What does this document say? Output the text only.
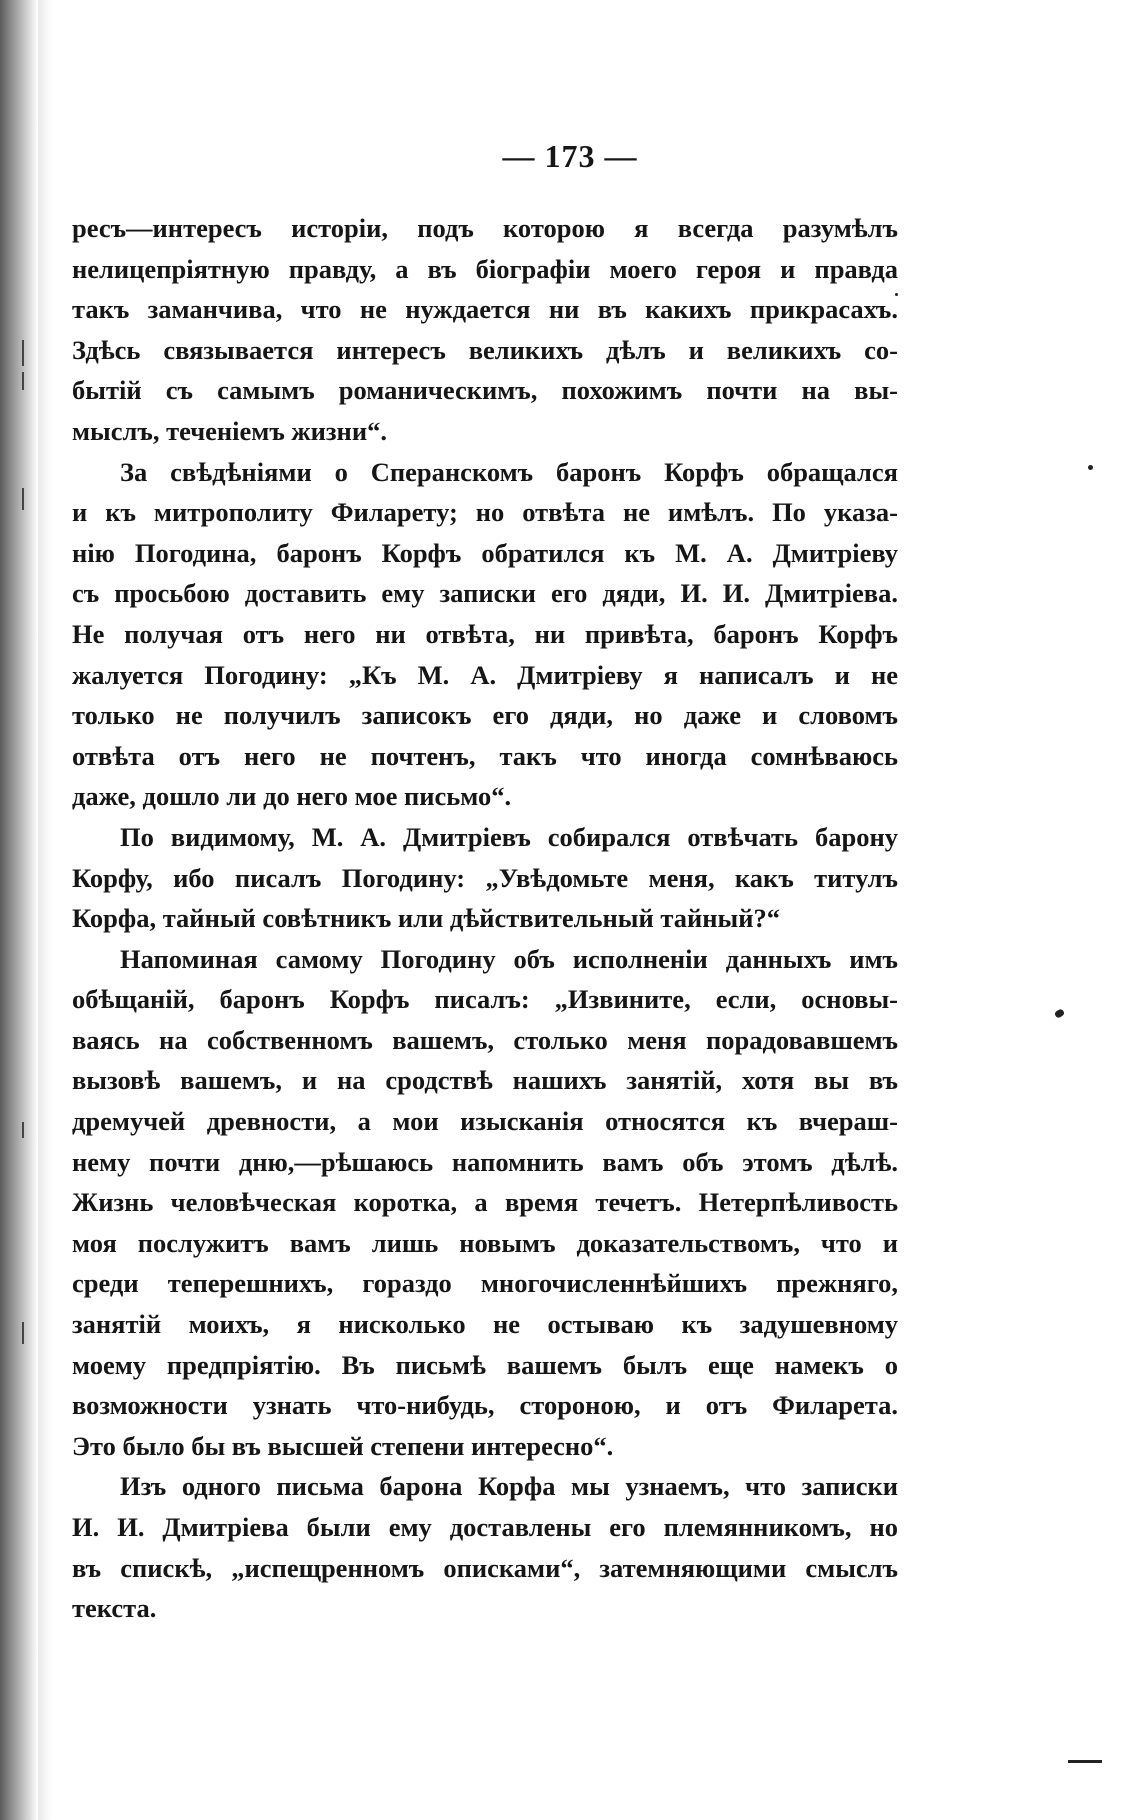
— 173 —
ресъ—интересъ исторіи, подъ которою я всегда разумѣлъ
нелицепріятную правду, а въ біографіи моего героя и правда
такъ заманчива, что не нуждается ни въ какихъ прикрасахъ.
Здѣсь связывается интересъ великихъ дѣлъ и великихъ со-
бытій съ самымъ романическимъ, похожимъ почти на вы-
мыслъ, теченіемъ жизни“.
За свѣдѣніями о Сперанскомъ баронъ Корфъ обращался
и къ митрополиту Филарету; но отвѣта не имѣлъ. По указа-
нію Погодина, баронъ Корфъ обратился къ М. А. Дмитріеву
съ просьбою доставить ему записки его дяди, И. И. Дмитріева.
Не получая отъ него ни отвѣта, ни привѣта, баронъ Корфъ
жалуется Погодину: „Къ М. А. Дмитріеву я написалъ и не
только не получилъ записокъ его дяди, но даже и словомъ
отвѣта отъ него не почтенъ, такъ что иногда сомнѣваюсь
даже, дошло ли до него мое письмо“.
По видимому, М. А. Дмитріевъ собирался отвѣчать барону
Корфу, ибо писалъ Погодину: „Увѣдомьте меня, какъ титулъ
Корфа, тайный совѣтникъ или дѣйствительный тайный?“
Напоминая самому Погодину объ исполненіи данныхъ имъ
обѣщаній, баронъ Корфъ писалъ: „Извините, если, основы-
ваясь на собственномъ вашемъ, столько меня порадовавшемъ
вызовѣ вашемъ, и на сродствѣ нашихъ занятій, хотя вы въ
дремучей древности, а мои изысканія относятся къ вчераш-
нему почти дню,—рѣшаюсь напомнить вамъ объ этомъ дѣлѣ.
Жизнь человѣческая коротка, а время течетъ. Нетерпѣливость
моя послужитъ вамъ лишь новымъ доказательствомъ, что и
среди теперешнихъ, гораздо многочисленнѣйшихъ прежняго,
занятій моихъ, я нисколько не остываю къ задушевному
моему предпріятію. Въ письмѣ вашемъ былъ еще намекъ о
возможности узнать что-нибудь, стороною, и отъ Филарета.
Это было бы въ высшей степени интересно“.
Изъ одного письма барона Корфа мы узнаемъ, что записки
И. И. Дмитріева были ему доставлены его племянникомъ, но
въ спискѣ, „испещренномъ описками“, затемняющими смыслъ
текста.
